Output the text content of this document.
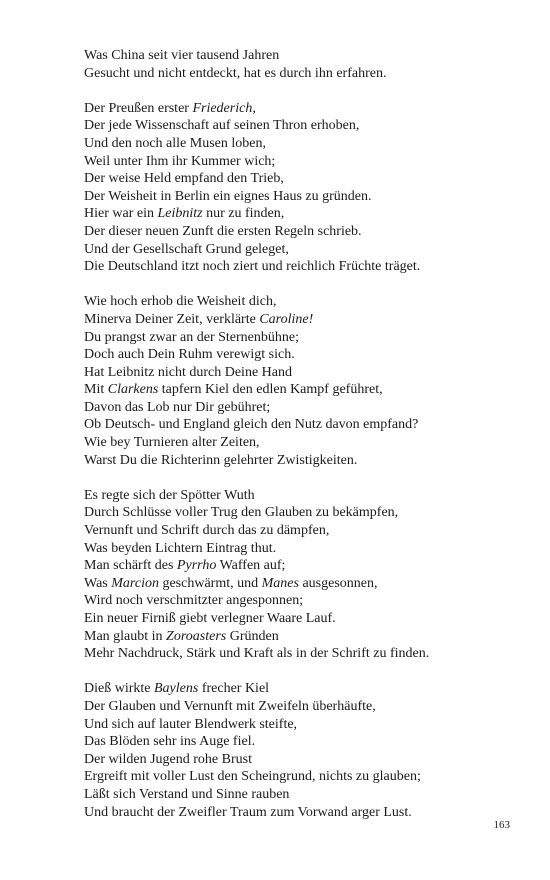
Was China seit vier tausend Jahren
Gesucht und nicht entdeckt, hat es durch ihn erfahren.
Der Preußen erster Friederich,
Der jede Wissenschaft auf seinen Thron erhoben,
Und den noch alle Musen loben,
Weil unter Ihm ihr Kummer wich;
Der weise Held empfand den Trieb,
Der Weisheit in Berlin ein eignes Haus zu gründen.
Hier war ein Leibnitz nur zu finden,
Der dieser neuen Zunft die ersten Regeln schrieb.
Und der Gesellschaft Grund geleget,
Die Deutschland itzt noch ziert und reichlich Früchte träget.
Wie hoch erhob die Weisheit dich,
Minerva Deiner Zeit, verklärte Caroline!
Du prangst zwar an der Sternenbühne;
Doch auch Dein Ruhm verewigt sich.
Hat Leibnitz nicht durch Deine Hand
Mit Clarkens tapfern Kiel den edlen Kampf geführet,
Davon das Lob nur Dir gebühret;
Ob Deutsch- und England gleich den Nutz davon empfand?
Wie bey Turnieren alter Zeiten,
Warst Du die Richterinn gelehrter Zwistigkeiten.
Es regte sich der Spötter Wuth
Durch Schlüsse voller Trug den Glauben zu bekämpfen,
Vernunft und Schrift durch das zu dämpfen,
Was beyden Lichtern Eintrag thut.
Man schärft des Pyrrho Waffen auf;
Was Marcion geschwärmt, und Manes ausgesonnen,
Wird noch verschmitzter angesponnen;
Ein neuer Firniß giebt verlegner Waare Lauf.
Man glaubt in Zoroasters Gründen
Mehr Nachdruck, Stärk und Kraft als in der Schrift zu finden.
Dieß wirkte Baylens frecher Kiel
Der Glauben und Vernunft mit Zweifeln überhäufte,
Und sich auf lauter Blendwerk steifte,
Das Blöden sehr ins Auge fiel.
Der wilden Jugend rohe Brust
Ergreift mit voller Lust den Scheingrund, nichts zu glauben;
Läßt sich Verstand und Sinne rauben
Und braucht der Zweifler Traum zum Vorwand arger Lust.
163
